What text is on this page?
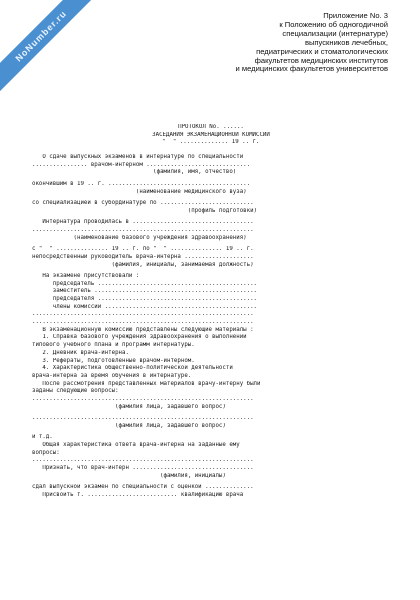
NoNumber.ru	Приложение No. 3
к Положению об одногодичной
специализации (интернатуре)
выпускников лечебных,
педиатрических и стоматологических
факультетов медицинских институтов
и медицинских факультетов университетов
ПРОТОКОЛ No. ......
ЗАСЕДАНИЯ ЭКЗАМЕНАЦИОННОЙ КОМИССИИ
"  " .............. 19 .. г.
О сдаче выпускных экзаменов в интернатуре по специальности
................ врачом-интерном ..............................
(фамилия, имя, отчество)
окончившим в 19 .. г. .........................................
(наименование медицинского вуза)
со специализацией в субординатуре по ...........................
(профиль подготовки)
Интернатура проводилась в ...................................
................................................................
(наименование базового учреждения здравоохранения)
с "  " ............... 19 .. г. по "  " ............... 19 .. г.
непосредственный руководитель врача-интерна ....................
(фамилия, инициалы, занимаемая должность)
На экзамене присутствовали :
председатель ..............................................
заместитель ...............................................
председателя ..............................................
члены комиссии ............................................
................................................................
................................................................
В экзаменационную комиссию представлены следующие материалы :
1. Справка базового учреждения здравоохранения о выполнении
типового учебного плана и программ интернатуры.
2. Дневник врача-интерна.
3. Рефераты, подготовленные врачом-интерном.
4. Характеристика общественно-политической деятельности
врача-интерна за время обучения в интернатуре.
После рассмотрения представленных материалов врачу-интерну были
заданы следующие вопросы:
................................................................
(фамилия лица, задавшего вопрос)
................................................................
(фамилия лица, задавшего вопрос)
и т.д.
Общая характеристика ответа врача-интерна на заданные ему
вопросы:
................................................................
Признать, что врач-интерн ...................................
(фамилия, инициалы)
сдал выпускной экзамен по специальности с оценкой ..............
Присвоить т. .......................... квалификацию врача
